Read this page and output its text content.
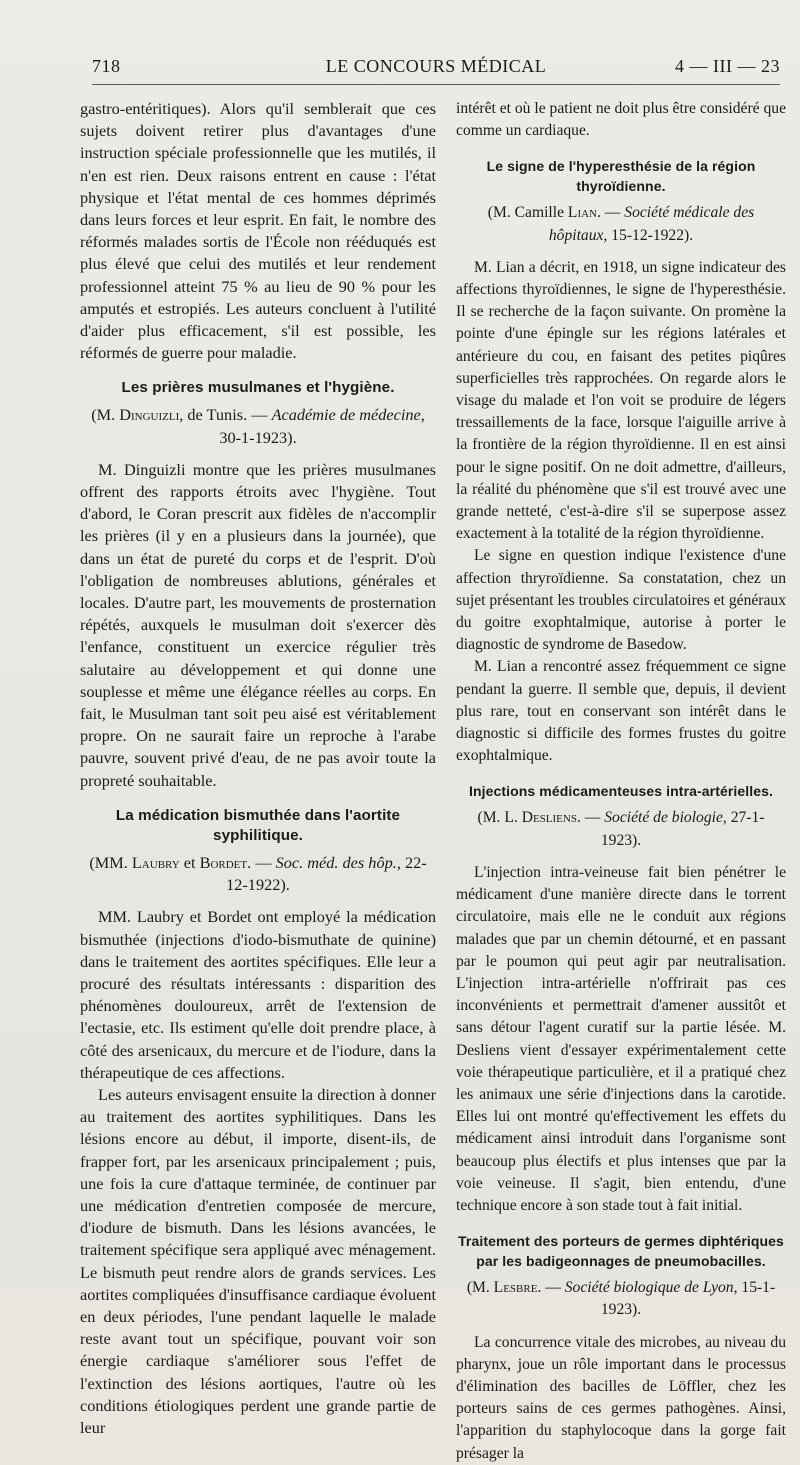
718	LE CONCOURS MÉDICAL	4 — III — 23

gastro-entéritiques). Alors qu'il semblerait que ces sujets doivent retirer plus d'avantages d'une instruction spéciale professionnelle que les mutilés, il n'en est rien. Deux raisons entrent en cause : l'état physique et l'état mental de ces hommes déprimés dans leurs forces et leur esprit. En fait, le nombre des réformés malades sortis de l'École non rééduqués est plus élevé que celui des mutilés et leur rendement professionnel atteint 75 % au lieu de 90 % pour les amputés et estropiés. Les auteurs concluent à l'utilité d'aider plus efficacement, s'il est possible, les réformés de guerre pour maladie.

Les prières musulmanes et l'hygiène.
(M. Dinguizli, de Tunis. — Académie de médecine, 30-1-1923).

M. Dinguizli montre que les prières musulmanes offrent des rapports étroits avec l'hygiène. Tout d'abord, le Coran prescrit aux fidèles de n'accomplir les prières (il y en a plusieurs dans la journée), que dans un état de pureté du corps et de l'esprit. D'où l'obligation de nombreuses ablutions, générales et locales. D'autre part, les mouvements de prosternation répétés, auxquels le musulman doit s'exercer dès l'enfance, constituent un exercice régulier très salutaire au développement et qui donne une souplesse et même une élégance réelles au corps. En fait, le Musulman tant soit peu aisé est véritablement propre. On ne saurait faire un reproche à l'arabe pauvre, souvent privé d'eau, de ne pas avoir toute la propreté souhaitable.

La médication bismuthée dans l'aortite syphilitique.
(MM. Laubry et Bordet. — Soc. méd. des hôp., 22-12-1922).

MM. Laubry et Bordet ont employé la médication bismuthée (injections d'iodo-bismuthate de quinine) dans le traitement des aortites spécifiques. Elle leur a procuré des résultats intéressants : disparition des phénomènes douloureux, arrêt de l'extension de l'ectasie, etc. Ils estiment qu'elle doit prendre place, à côté des arsenicaux, du mercure et de l'iodure, dans la thérapeutique de ces affections.

Les auteurs envisagent ensuite la direction à donner au traitement des aortites syphilitiques. Dans les lésions encore au début, il importe, disent-ils, de frapper fort, par les arsenicaux principalement ; puis, une fois la cure d'attaque terminée, de continuer par une médication d'entretien composée de mercure, d'iodure de bismuth. Dans les lésions avancées, le traitement spécifique sera appliqué avec ménagement. Le bismuth peut rendre alors de grands services. Les aortites compliquées d'insuffisance cardiaque évoluent en deux périodes, l'une pendant laquelle le malade reste avant tout un spécifique, pouvant voir son énergie cardiaque s'améliorer sous l'effet de l'extinction des lésions aortiques, l'autre où les conditions étiologiques perdent une grande partie de leur

intérêt et où le patient ne doit plus être considéré que comme un cardiaque.

Le signe de l'hyperesthésie de la région thyroïdienne.
(M. Camille Lian. — Société médicale des hôpitaux, 15-12-1922).

M. Lian a décrit, en 1918, un signe indicateur des affections thyroïdiennes, le signe de l'hyperesthésie. Il se recherche de la façon suivante. On promène la pointe d'une épingle sur les régions latérales et antérieure du cou, en faisant des petites piqûres superficielles très rapprochées. On regarde alors le visage du malade et l'on voit se produire de légers tressaillements de la face, lorsque l'aiguille arrive à la frontière de la région thyroïdienne. Il en est ainsi pour le signe positif. On ne doit admettre, d'ailleurs, la réalité du phénomène que s'il est trouvé avec une grande netteté, c'est-à-dire s'il se superpose assez exactement à la totalité de la région thyroïdienne.

Le signe en question indique l'existence d'une affection thryroïdienne. Sa constatation, chez un sujet présentant les troubles circulatoires et généraux du goitre exophtalmique, autorise à porter le diagnostic de syndrome de Basedow.

M. Lian a rencontré assez fréquemment ce signe pendant la guerre. Il semble que, depuis, il devient plus rare, tout en conservant son intérêt dans le diagnostic si difficile des formes frustes du goitre exophtalmique.

Injections médicamenteuses intra-artérielles.
(M. L. Desliens. — Société de biologie, 27-1-1923).

L'injection intra-veineuse fait bien pénétrer le médicament d'une manière directe dans le torrent circulatoire, mais elle ne le conduit aux régions malades que par un chemin détourné, et en passant par le poumon qui peut agir par neutralisation. L'injection intra-artérielle n'offrirait pas ces inconvénients et permettrait d'amener aussitôt et sans détour l'agent curatif sur la partie lésée. M. Desliens vient d'essayer expérimentalement cette voie thérapeutique particulière, et il a pratiqué chez les animaux une série d'injections dans la carotide. Elles lui ont montré qu'effectivement les effets du médicament ainsi introduit dans l'organisme sont beaucoup plus électifs et plus intenses que par la voie veineuse. Il s'agit, bien entendu, d'une technique encore à son stade tout à fait initial.

Traitement des porteurs de germes diphtériques par les badigeonnages de pneumobacilles.
(M. Lesbre. — Société biologique de Lyon, 15-1-1923).

La concurrence vitale des microbes, au niveau du pharynx, joue un rôle important dans le processus d'élimination des bacilles de Löffler, chez les porteurs sains de ces germes pathogènes. Ainsi, l'apparition du staphylocoque dans la gorge fait présager la
